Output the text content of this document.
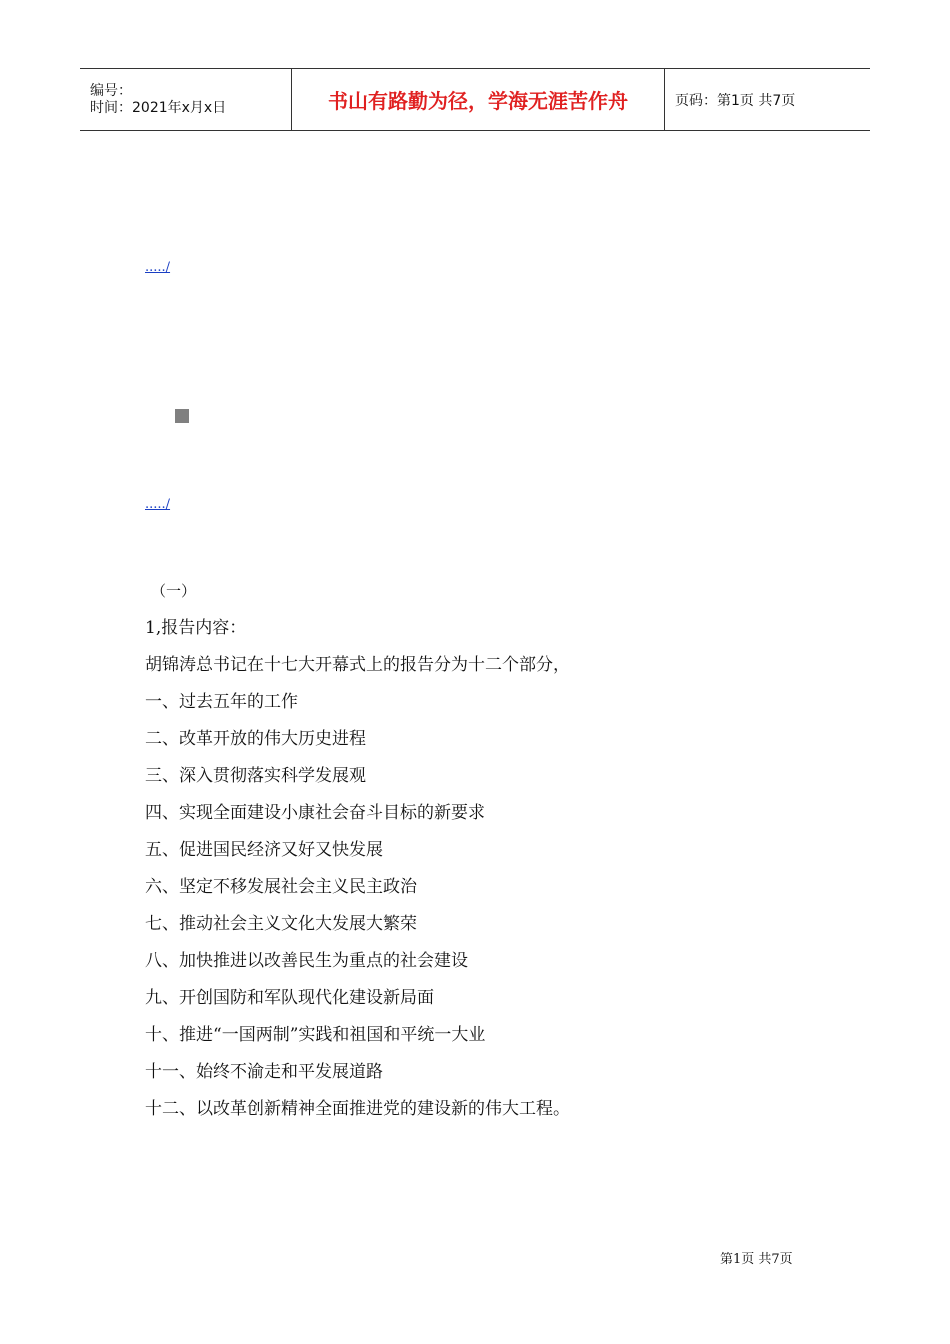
编号：
时间：2021年x月x日	书山有路勤为径，学海无涯苦作舟	页码：第1页 共7页
...../
...../
（一）
1,报告内容：
胡锦涛总书记在十七大开幕式上的报告分为十二个部分，
一、过去五年的工作
二、改革开放的伟大历史进程
三、深入贯彻落实科学发展观
四、实现全面建设小康社会奋斗目标的新要求
五、促进国民经济又好又快发展
六、坚定不移发展社会主义民主政治
七、推动社会主义文化大发展大繁荣
八、加快推进以改善民生为重点的社会建设
九、开创国防和军队现代化建设新局面
十、推进“一国两制”实践和祖国和平统一大业
十一、始终不渝走和平发展道路
十二、以改革创新精神全面推进党的建设新的伟大工程。
第1页 共7页
